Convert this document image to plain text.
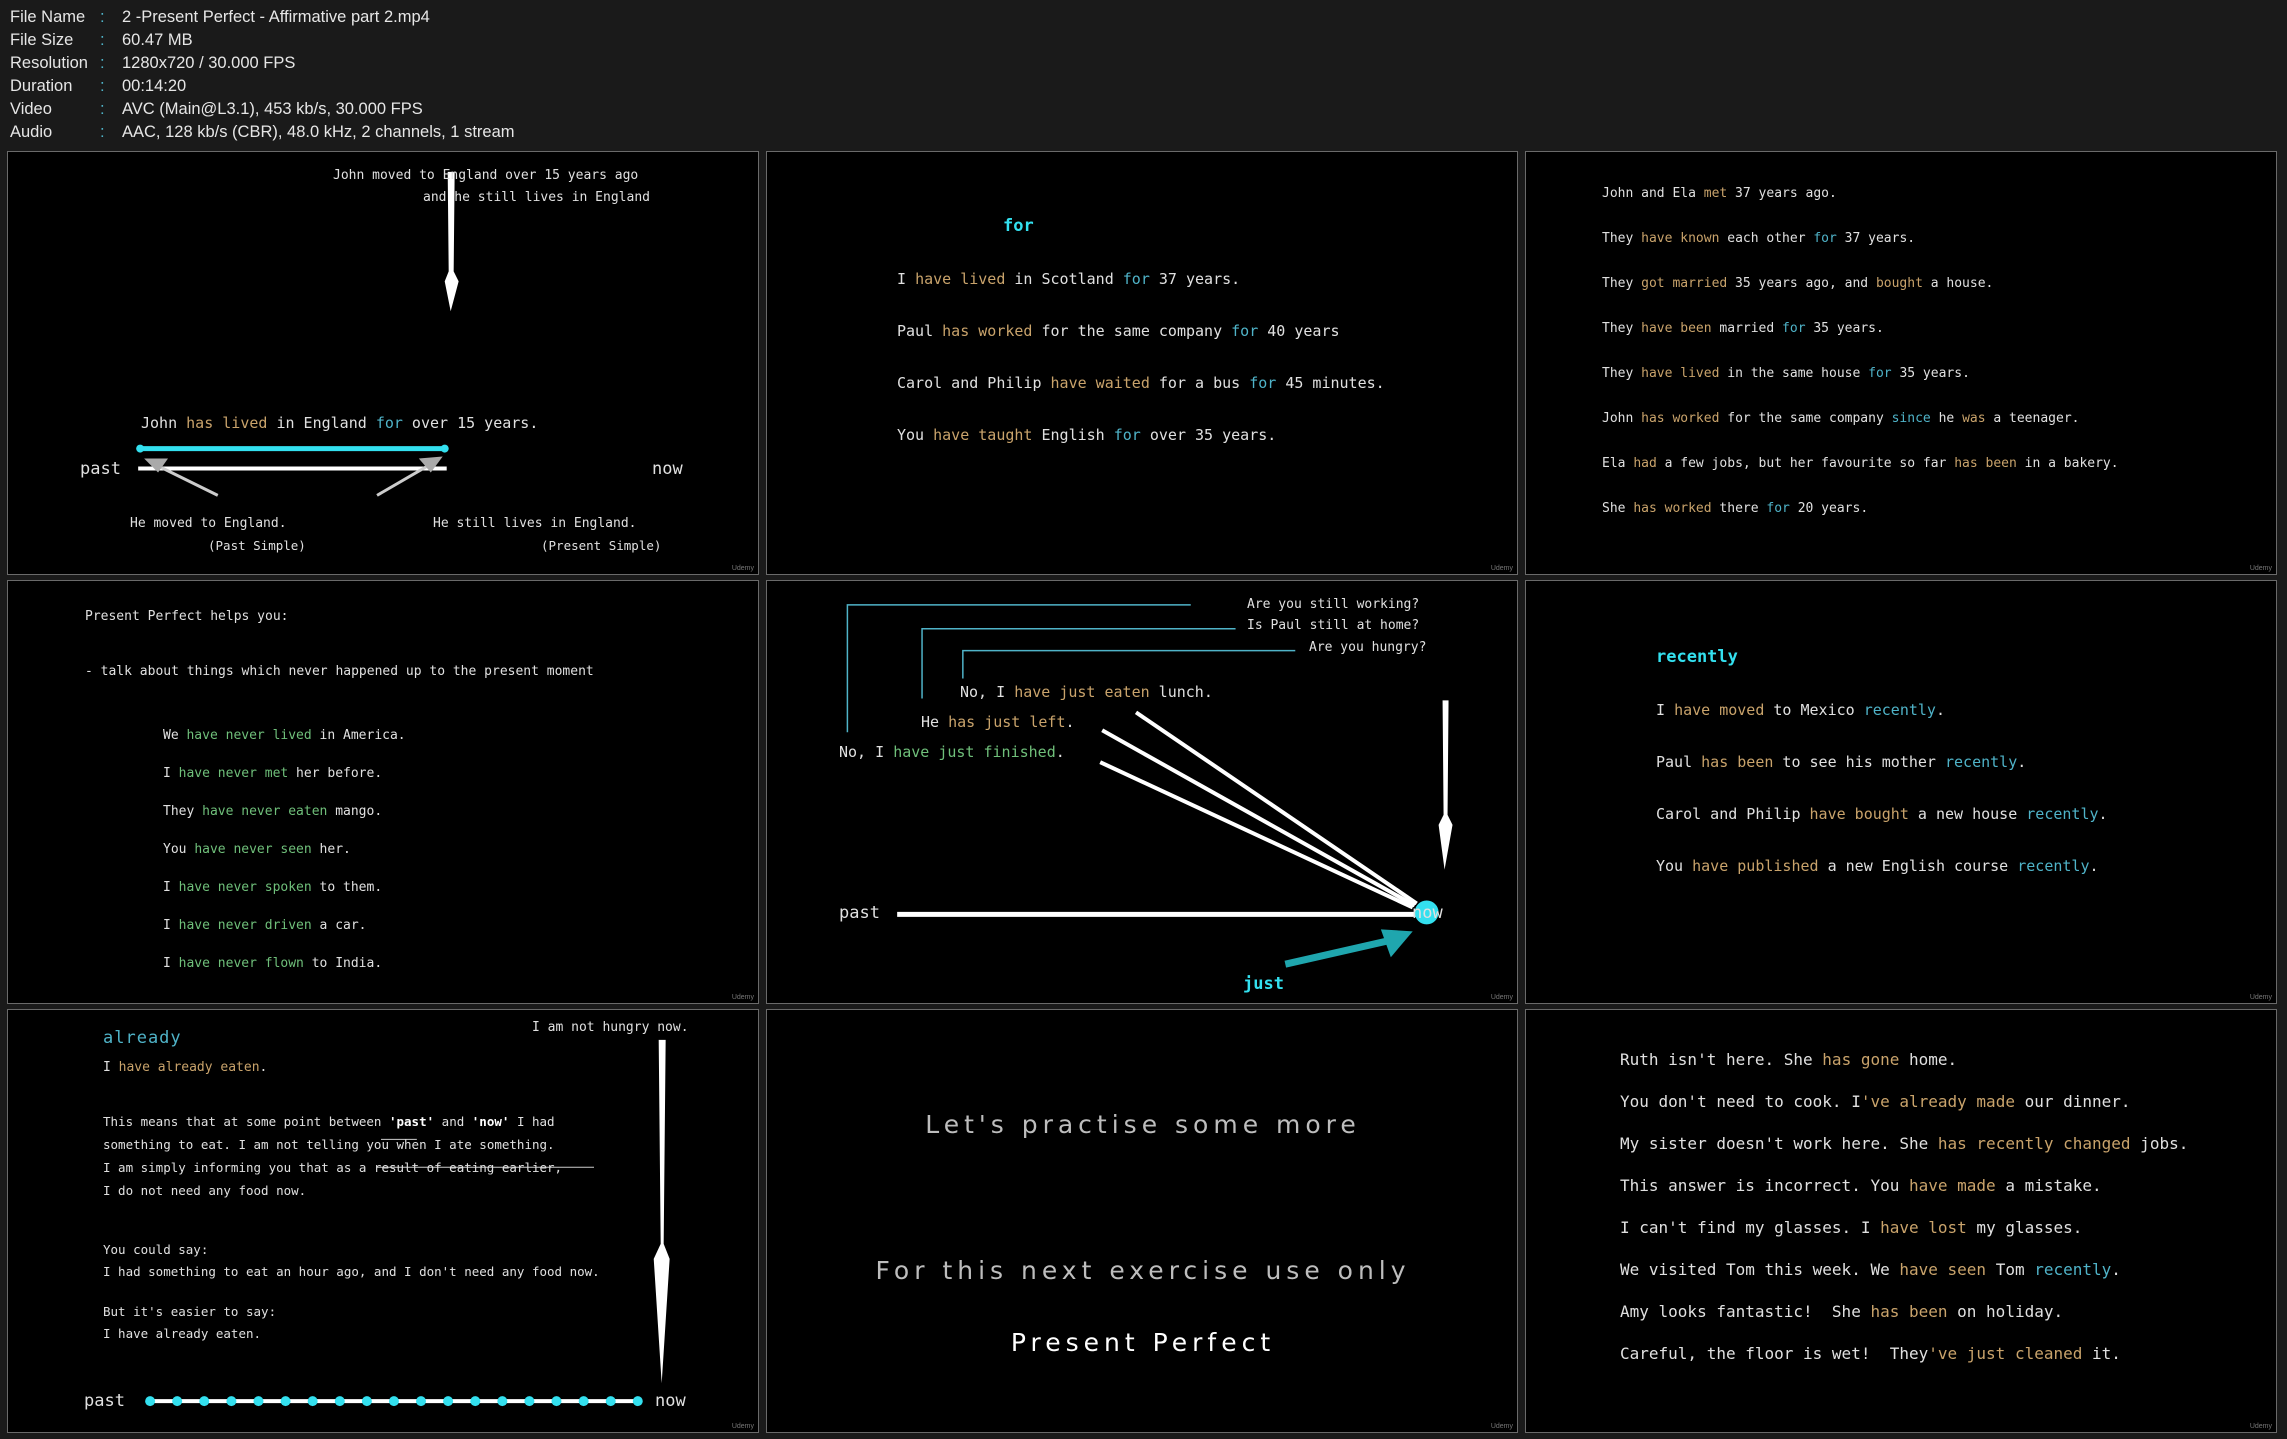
File Name :	2 -Present Perfect - Affirmative part 2.mp4
File Size	:	60.47 MB
Resolution :	1280x720 / 30.000 FPS
Duration	:	00:14:20
Video	:	AVC (Main@L3.1), 453 kb/s, 30.000 FPS
Audio	:	AAC, 128 kb/s (CBR), 48.0 kHz, 2 channels, 1 stream
John moved to England over 15 years ago
and he still lives in England
John has lived in England for over 15 years.
past	now
He moved to England.
(Past Simple)
He still lives in England.
(Present Simple)
Udemy
for
I have lived in Scotland for 37 years.
Paul has worked for the same company for 40 years
Carol and Philip have waited for a bus for 45 minutes.
You have taught English for over 35 years.
Udemy
John and Ela met 37 years ago.
They have known each other for 37 years.
They got married 35 years ago, and bought a house.
They have been married for 35 years.
They have lived in the same house for 35 years.
John has worked for the same company since he was a teenager.
Ela had a few jobs, but her favourite so far has been in a bakery.
She has worked there for 20 years.
Udemy
Present Perfect helps you:
- talk about things which never happened up to the present moment
We have never lived in America.
I have never met her before.
They have never eaten mango.
You have never seen her.
I have never spoken to them.
I have never driven a car.
I have never flown to India.
Udemy
Are you still working?
Is Paul still at home?
Are you hungry?
No, I have just eaten lunch.
He has just left.
No, I have just finished.
past	now
just
Udemy
recently
I have moved to Mexico recently.
Paul has been to see his mother recently.
Carol and Philip have bought a new house recently.
You have published a new English course recently.
Udemy
already
I am not hungry now.
I have already eaten.
This means that at some point between 'past' and 'now' I had
something to eat. I am not telling you when I ate something.
I am simply informing you that as a result of eating earlier,
I do not need any food now.
You could say:
I had something to eat an hour ago, and I don't need any food now.
But it's easier to say:
I have already eaten.
past	now
Udemy
Let's practise some more
For this next exercise use only
Present Perfect
Udemy
Ruth isn't here. She has gone home.
You don't need to cook. I've already made our dinner.
My sister doesn't work here. She has recently changed jobs.
This answer is incorrect. You have made a mistake.
I can't find my glasses. I have lost my glasses.
We visited Tom this week. We have seen Tom recently.
Amy looks fantastic!  She has been on holiday.
Careful, the floor is wet!  They've just cleaned it.
Udemy
